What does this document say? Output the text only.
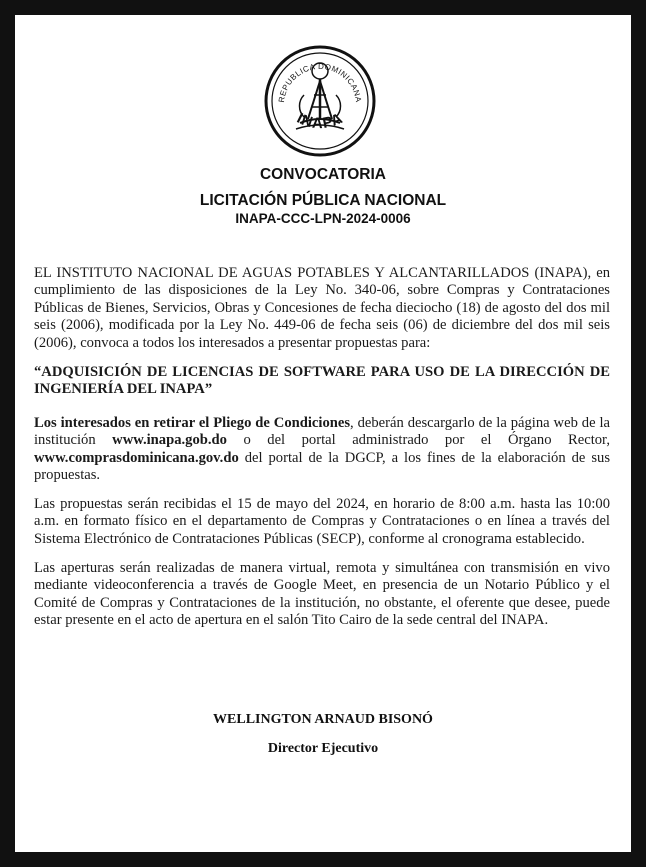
REPUBLICA DOMINICANA
INAPA

CONVOCATORIA

LICITACIÓN PÚBLICA NACIONAL

INAPA-CCC-LPN-2024-0006

EL INSTITUTO NACIONAL DE AGUAS POTABLES Y ALCANTARILLADOS (INAPA), en cumplimiento de las disposiciones de la Ley No. 340-06, sobre Compras y Contrataciones Públicas de Bienes, Servicios, Obras y Concesiones de fecha dieciocho (18) de agosto del dos mil seis (2006), modificada por la Ley No. 449-06 de fecha seis (06) de diciembre del dos mil seis (2006), convoca a todos los interesados a presentar propuestas para:

“ADQUISICIÓN DE LICENCIAS DE SOFTWARE PARA USO DE LA DIRECCIÓN DE INGENIERÍA DEL INAPA”

Los interesados en retirar el Pliego de Condiciones, deberán descargarlo de la página web de la institución www.inapa.gob.do o del portal administrado por el Órgano Rector, www.comprasdominicana.gov.do del portal de la DGCP, a los fines de la elaboración de sus propuestas.

Las propuestas serán recibidas el 15 de mayo del 2024, en horario de 8:00 a.m. hasta las 10:00 a.m. en formato físico en el departamento de Compras y Contrataciones o en línea a través del Sistema Electrónico de Contrataciones Públicas (SECP), conforme al cronograma establecido.

Las aperturas serán realizadas de manera virtual, remota y simultánea con transmisión en vivo mediante videoconferencia a través de Google Meet, en presencia de un Notario Público y el Comité de Compras y Contrataciones de la institución, no obstante, el oferente que desee, puede estar presente en el acto de apertura en el salón Tito Cairo de la sede central del INAPA.

WELLINGTON ARNAUD BISONÓ

Director Ejecutivo
